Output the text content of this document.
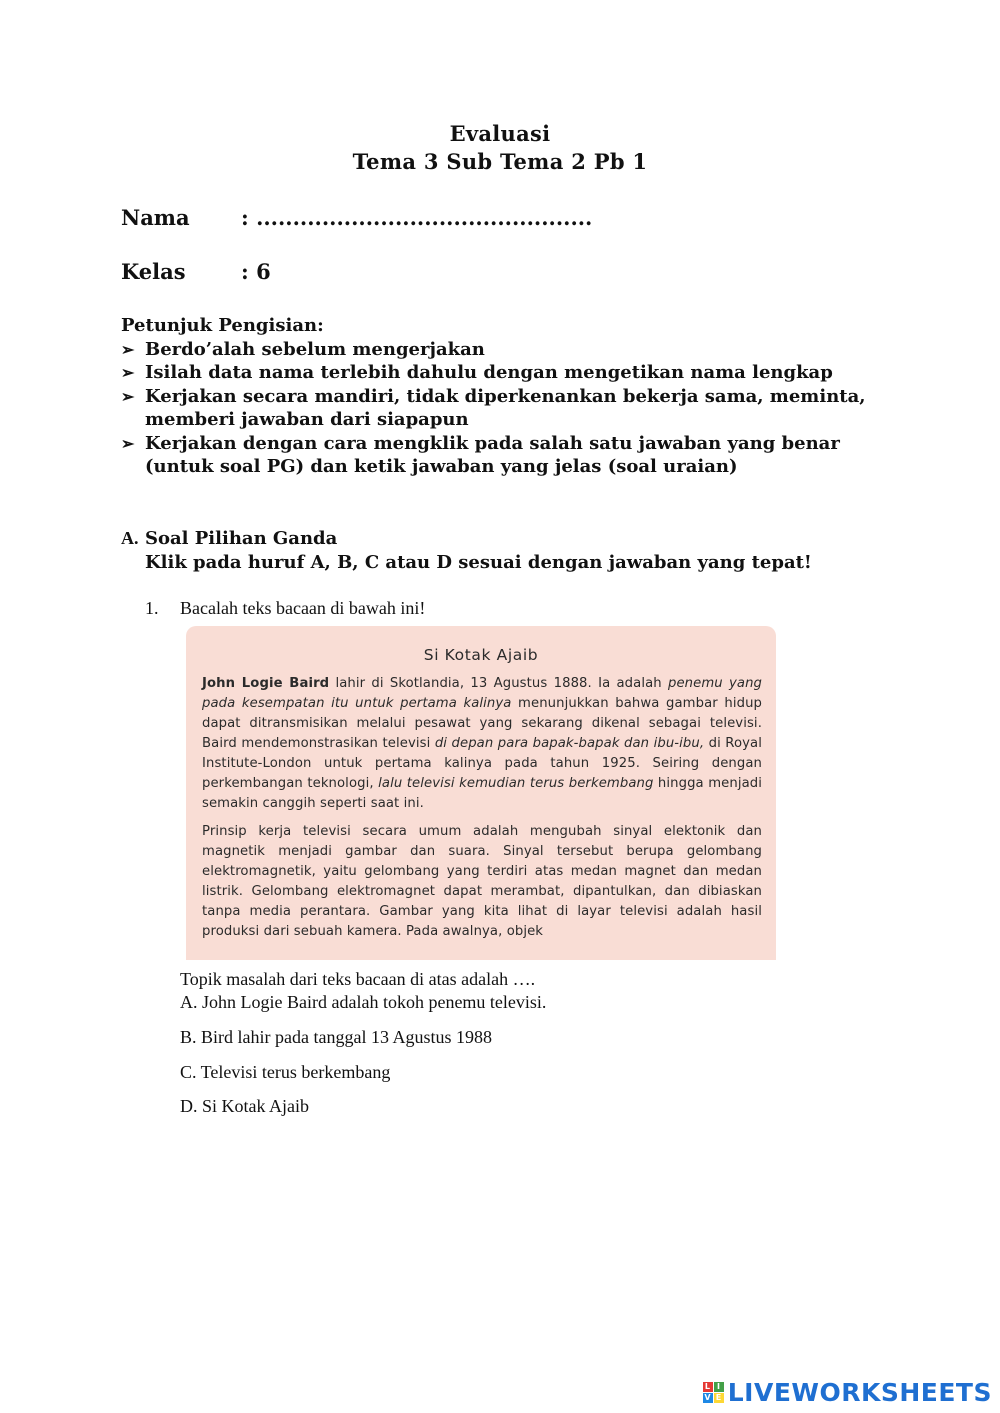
Evaluasi
Tema 3 Sub Tema 2 Pb 1
Nama : ..............................................
Kelas	: 6
Petunjuk Pengisian:
➢ Berdo’alah sebelum mengerjakan
➢ Isilah data nama terlebih dahulu dengan mengetikan nama lengkap
➢ Kerjakan secara mandiri, tidak diperkenankan bekerja sama, meminta, memberi jawaban dari siapapun
➢ Kerjakan dengan cara mengklik pada salah satu jawaban yang benar (untuk soal PG) dan ketik jawaban yang jelas (soal uraian)
A. Soal Pilihan Ganda
Klik pada huruf A, B, C atau D sesuai dengan jawaban yang tepat!
1. Bacalah teks bacaan di bawah ini!
Si Kotak Ajaib

John Logie Baird lahir di Skotlandia, 13 Agustus 1888. Ia adalah penemu yang pada kesempatan itu untuk pertama kalinya menunjukkan bahwa gambar hidup dapat ditransmisikan melalui pesawat yang sekarang dikenal sebagai televisi. Baird mendemonstrasikan televisi di depan para bapak-bapak dan ibu-ibu, di Royal Institute-London untuk pertama kalinya pada tahun 1925. Seiring dengan perkembangan teknologi, lalu televisi kemudian terus berkembang hingga menjadi semakin canggih seperti saat ini.

Prinsip kerja televisi secara umum adalah mengubah sinyal elektonik dan magnetik menjadi gambar dan suara. Sinyal tersebut berupa gelombang elektromagnetik, yaitu gelombang yang terdiri atas medan magnet dan medan listrik. Gelombang elektromagnet dapat merambat, dipantulkan, dan dibiaskan tanpa media perantara. Gambar yang kita lihat di layar televisi adalah hasil produksi dari sebuah kamera. Pada awalnya, objek

Topik masalah dari teks bacaan di atas adalah ….
A. John Logie Baird adalah tokoh penemu televisi.
B. Bird lahir pada tanggal 13 Agustus 1988
C. Televisi terus berkembang
D. Si Kotak Ajaib
L I
V E LIVEWORKSHEETS
